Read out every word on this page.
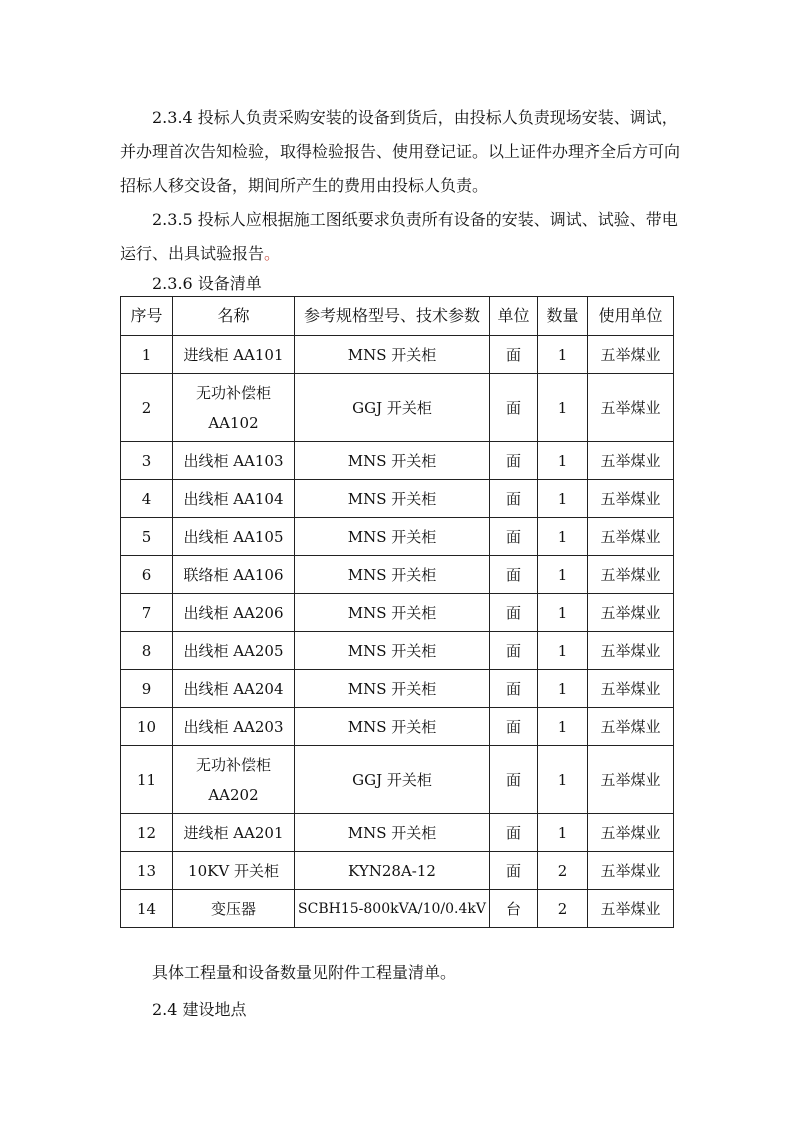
2.3.4 投标人负责采购安装的设备到货后，由投标人负责现场安装、调试，并办理首次告知检验，取得检验报告、使用登记证。以上证件办理齐全后方可向招标人移交设备，期间所产生的费用由投标人负责。

2.3.5 投标人应根据施工图纸要求负责所有设备的安装、调试、试验、带电运行、出具试验报告。

2.3.6 设备清单

序号	名称	参考规格型号、技术参数	单位	数量	使用单位
1	进线柜 AA101	MNS 开关柜	面	1	五举煤业
2	无功补偿柜 AA102	GGJ 开关柜	面	1	五举煤业
3	出线柜 AA103	MNS 开关柜	面	1	五举煤业
4	出线柜 AA104	MNS 开关柜	面	1	五举煤业
5	出线柜 AA105	MNS 开关柜	面	1	五举煤业
6	联络柜 AA106	MNS 开关柜	面	1	五举煤业
7	出线柜 AA206	MNS 开关柜	面	1	五举煤业
8	出线柜 AA205	MNS 开关柜	面	1	五举煤业
9	出线柜 AA204	MNS 开关柜	面	1	五举煤业
10	出线柜 AA203	MNS 开关柜	面	1	五举煤业
11	无功补偿柜 AA202	GGJ 开关柜	面	1	五举煤业
12	进线柜 AA201	MNS 开关柜	面	1	五举煤业
13	10KV 开关柜	KYN28A-12	面	2	五举煤业
14	变压器	SCBH15-800kVA/10/0.4kV	台	2	五举煤业

具体工程量和设备数量见附件工程量清单。

2.4 建设地点
